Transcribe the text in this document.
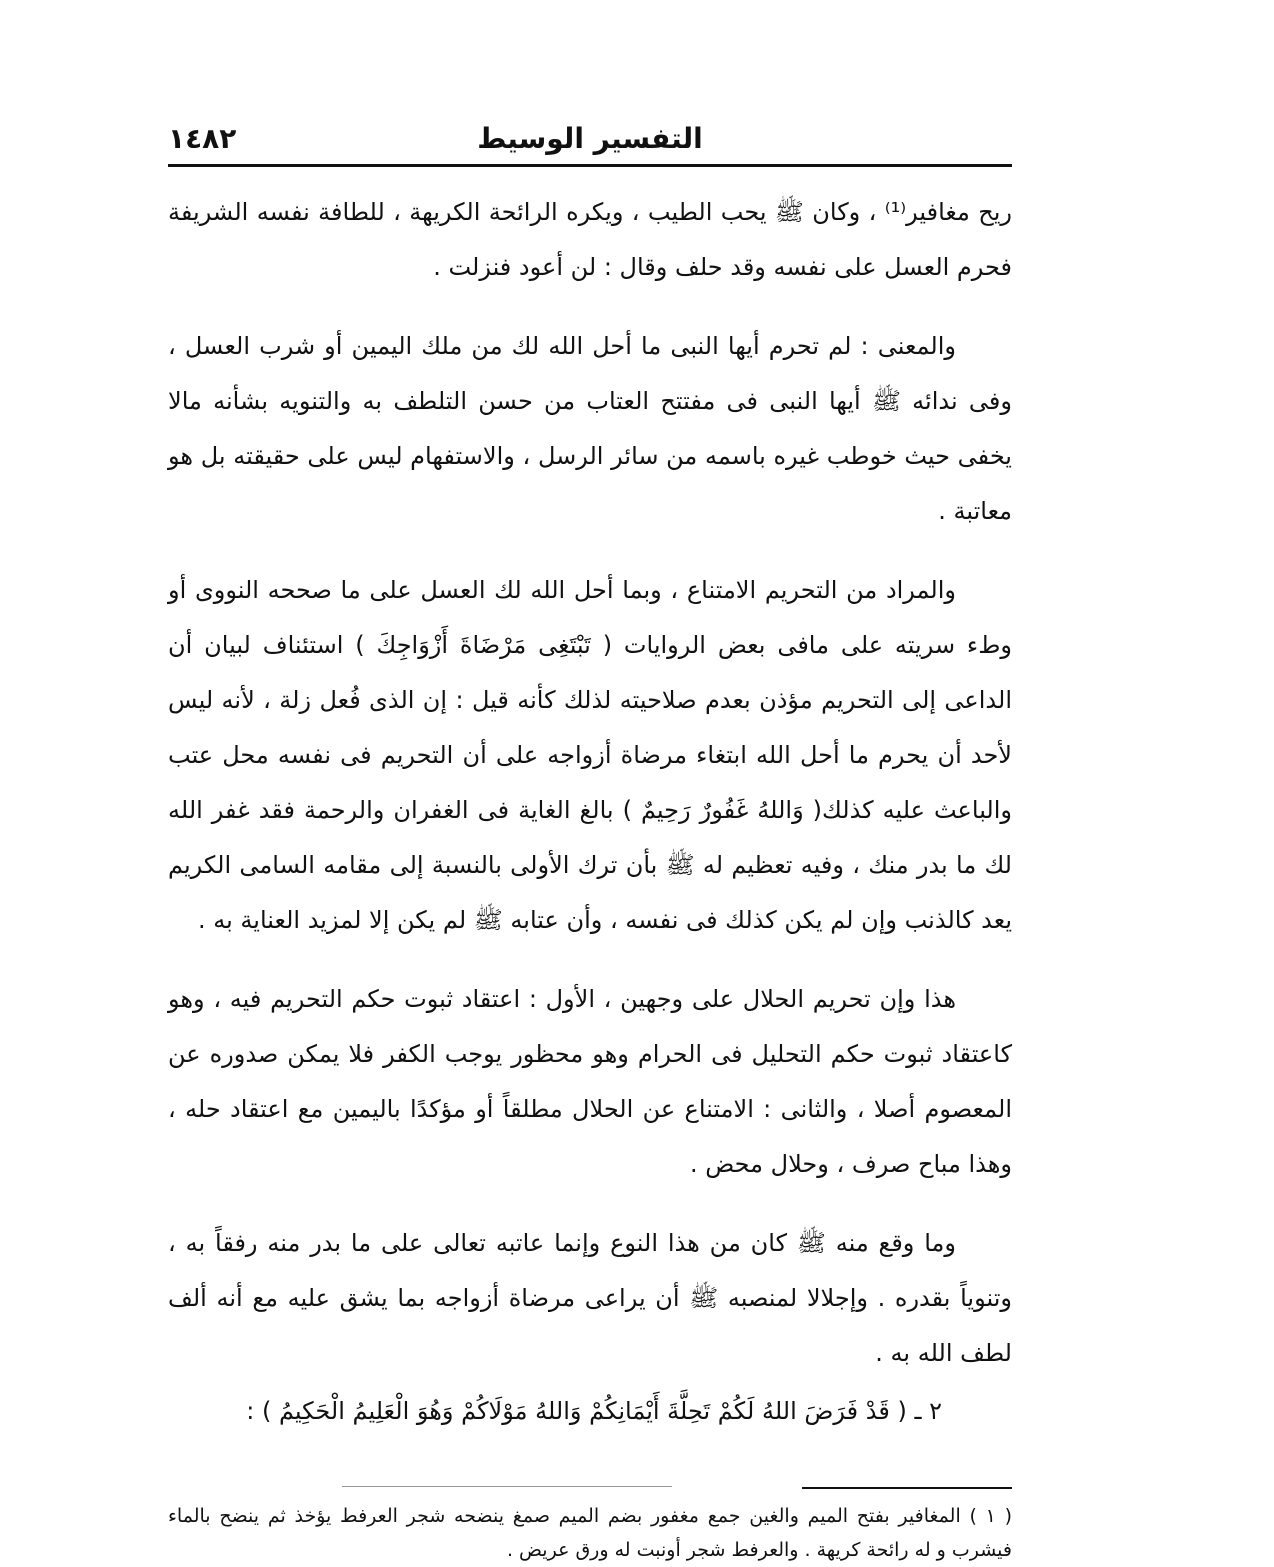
التفسير الوسيط
١٤٨٢

ريح مغافير⁽¹⁾ ، وكان ﷺ يحب الطيب ، ويكره الرائحة الكريهة ، للطافة نفسه الشريفة فحرم العسل على نفسه وقد حلف وقال : لن أعود فنزلت .

والمعنى : لم تحرم أيها النبى ما أحل الله لك من ملك اليمين أو شرب العسل ، وفى ندائه ﷺ أيها النبى فى مفتتح العتاب من حسن التلطف به والتنويه بشأنه مالا يخفى حيث خوطب غيره باسمه من سائر الرسل ، والاستفهام ليس على حقيقته بل هو معاتبة .

والمراد من التحريم الامتناع ، وبما أحل الله لك العسل على ما صححه النووى أو وطء سريته على مافى بعض الروايات ( تَبْتَغِى مَرْضَاةَ أَزْوَاجِكَ ) استئناف لبيان أن الداعى إلى التحريم مؤذن بعدم صلاحيته لذلك كأنه قيل : إن الذى فُعل زلة ، لأنه ليس لأحد أن يحرم ما أحل الله ابتغاء مرضاة أزواجه على أن التحريم فى نفسه محل عتب والباعث عليه كذلك( وَاللهُ غَفُورٌ رَحِيمٌ ) بالغ الغاية فى الغفران والرحمة فقد غفر الله لك ما بدر منك ، وفيه تعظيم له ﷺ بأن ترك الأولى بالنسبة إلى مقامه السامى الكريم يعد كالذنب وإن لم يكن كذلك فى نفسه ، وأن عتابه ﷺ لم يكن إلا لمزيد العناية به .

هذا وإن تحريم الحلال على وجهين ، الأول : اعتقاد ثبوت حكم التحريم فيه ، وهو كاعتقاد ثبوت حكم التحليل فى الحرام وهو محظور يوجب الكفر فلا يمكن صدوره عن المعصوم أصلا ، والثانى : الامتناع عن الحلال مطلقاً أو مؤكدًا باليمين مع اعتقاد حله ، وهذا مباح صرف ، وحلال محض .

وما وقع منه ﷺ كان من هذا النوع وإنما عاتبه تعالى على ما بدر منه رفقاً به ، وتنوياً بقدره . وإجلالا لمنصبه ﷺ أن يراعى مرضاة أزواجه بما يشق عليه مع أنه ألف لطف الله به .

٢ ـ ( قَدْ فَرَضَ اللهُ لَكُمْ تَحِلَّةَ أَيْمَانِكُمْ وَاللهُ مَوْلَاكُمْ وَهُوَ الْعَلِيمُ الْحَكِيمُ ) :

( ١ ) المغافير بفتح الميم والغين جمع مغفور بضم الميم صمغ ينضحه شجر العرفط يؤخذ ثم ينضح بالماء فيشرب و له رائحة كريهة . والعرفط شجر أونبت له ورق عريض .
